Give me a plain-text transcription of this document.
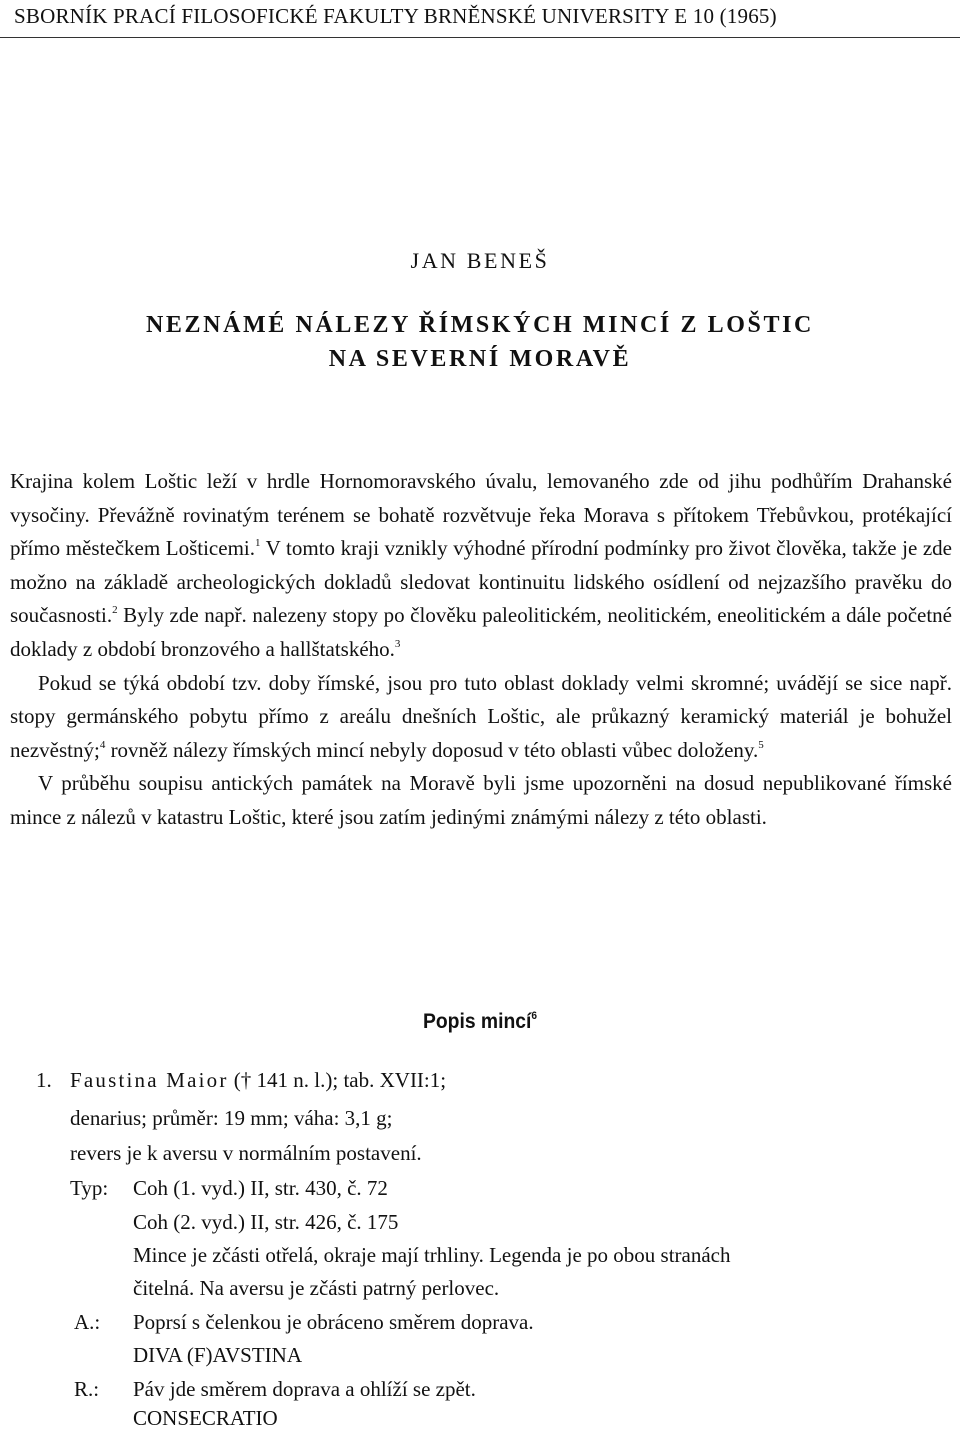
SBORNÍK PRACÍ FILOSOFICKÉ FAKULTY BRNĚNSKÉ UNIVERSITY E 10 (1965)
JAN BENEŠ
NEZNÁMÉ NÁLEZY ŘÍMSKÝCH MINCÍ Z LOŠTIC
NA SEVERNÍ MORAVĚ

Krajina kolem Loštic leží v hrdle Hornomoravského úvalu, lemovaného zde od jihu podhůřím Drahanské vysočiny. Převážně rovinatým terénem se bohatě rozvětvuje řeka Morava s přítokem Třebůvkou, protékající přímo městečkem Lošticemi.$^1$ V tomto kraji vznikly výhodné přírodní podmínky pro život člověka, takže je zde možno na základě archeologických dokladů sledovat kontinuitu lidského osídlení od nejzazšího pravěku do současnosti.$^2$ Byly zde např. nalezeny stopy po člověku paleolitickém, neolitickém, eneolitickém a dále početné doklady z období bronzového a hallštatského.$^3$

Pokud se týká období tzv. doby římské, jsou pro tuto oblast doklady velmi skromné; uvádějí se sice např. stopy germánského pobytu přímo z areálu dnešních Loštic, ale průkazný keramický materiál je bohužel nezvěstný;$^4$ rovněž nálezy římských mincí nebyly doposud v této oblasti vůbec doloženy.$^5$

V průběhu soupisu antických památek na Moravě byli jsme upozorněni na dosud nepublikované římské mince z nálezů v katastru Loštic, které jsou zatím jedinými známými nálezy z této oblasti.

Popis mincí$^6$
1. Faustina Maior († 141 n. l.); tab. XVII:1;
denarius; průměr: 19 mm; váha: 3,1 g;
revers je k aversu v normálním postavení.
Typ: Coh (1. vyd.) II, str. 430, č. 72
Coh (2. vyd.) II, str. 426, č. 175
Mince je zčásti otřelá, okraje mají trhliny. Legenda je po obou stranách
čitelná. Na aversu je zčásti patrný perlovec.
A.: Poprsí s čelenkou je obráceno směrem doprava.
DIVA (F)AVSTINA
R.: Páv jde směrem doprava a ohlíží se zpět.
CONSECRATIO
